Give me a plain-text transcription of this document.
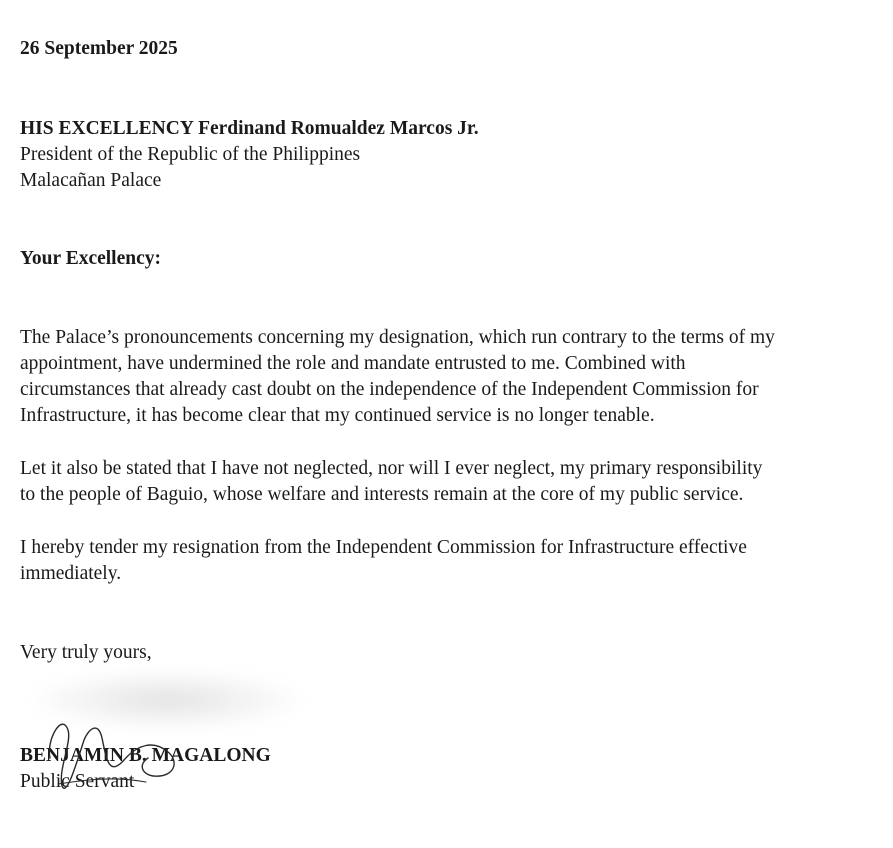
26 September 2025
HIS EXCELLENCY Ferdinand Romualdez Marcos Jr.
President of the Republic of the Philippines
Malacañan Palace
Your Excellency:
The Palace’s pronouncements concerning my designation, which run contrary to the terms of my
appointment, have undermined the role and mandate entrusted to me. Combined with
circumstances that already cast doubt on the independence of the Independent Commission for
Infrastructure, it has become clear that my continued service is no longer tenable.
Let it also be stated that I have not neglected, nor will I ever neglect, my primary responsibility
to the people of Baguio, whose welfare and interests remain at the core of my public service.
I hereby tender my resignation from the Independent Commission for Infrastructure effective
immediately.
Very truly yours,
BENJAMIN B. MAGALONG
Public Servant
